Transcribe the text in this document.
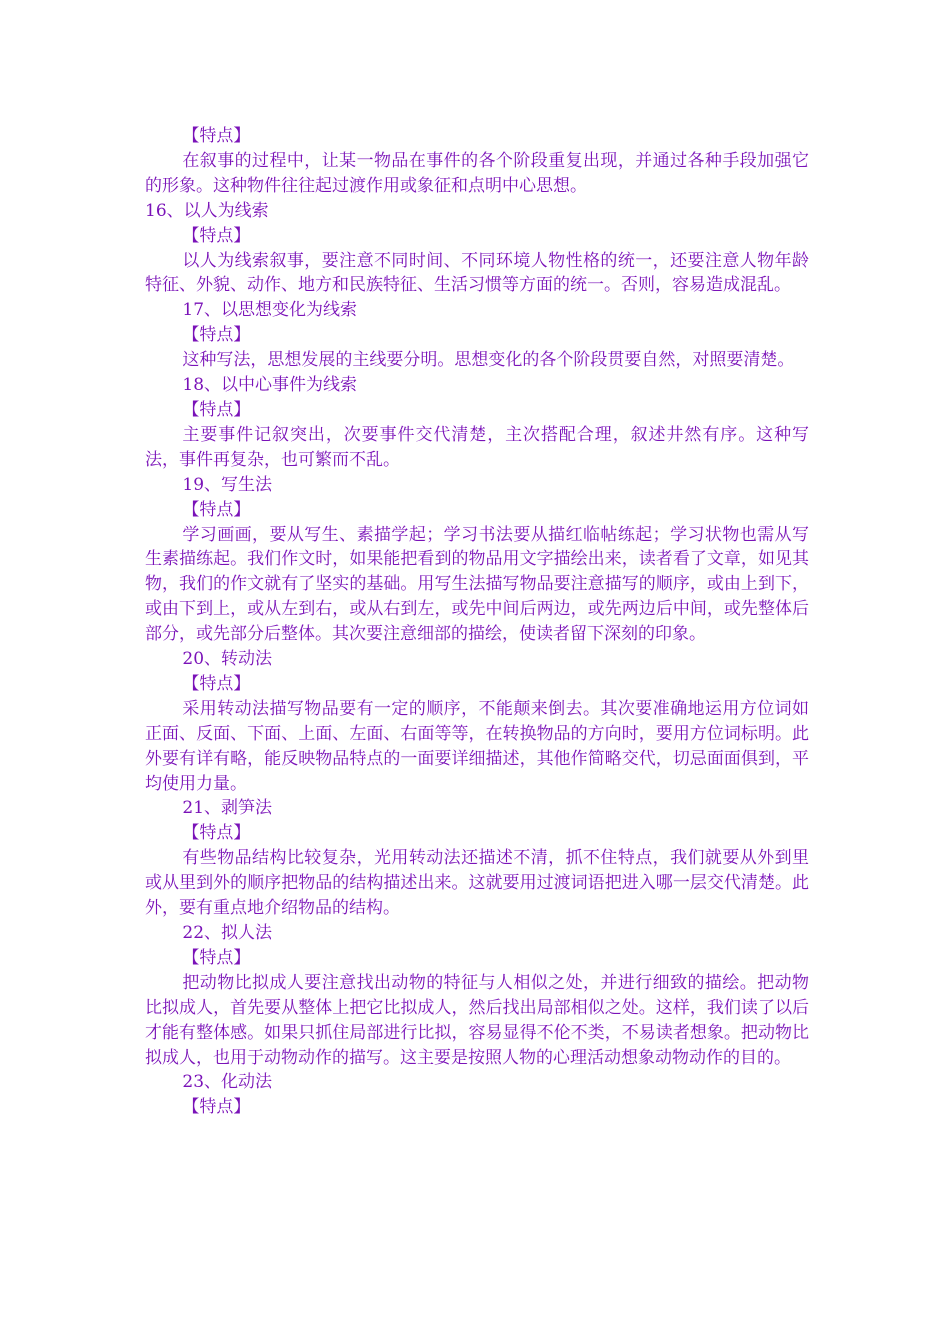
【特点】

在叙事的过程中，让某一物品在事件的各个阶段重复出现，并通过各种手段加强它的形象。这种物件往往起过渡作用或象征和点明中心思想。

16、以人为线索

【特点】

以人为线索叙事，要注意不同时间、不同环境人物性格的统一，还要注意人物年龄特征、外貌、动作、地方和民族特征、生活习惯等方面的统一。否则，容易造成混乱。

17、以思想变化为线索

【特点】

这种写法，思想发展的主线要分明。思想变化的各个阶段贯要自然，对照要清楚。

18、以中心事件为线索

【特点】

主要事件记叙突出，次要事件交代清楚，主次搭配合理，叙述井然有序。这种写法，事件再复杂，也可繁而不乱。

19、写生法

【特点】

学习画画，要从写生、素描学起；学习书法要从描红临帖练起；学习状物也需从写生素描练起。我们作文时，如果能把看到的物品用文字描绘出来，读者看了文章，如见其物，我们的作文就有了坚实的基础。用写生法描写物品要注意描写的顺序，或由上到下，或由下到上，或从左到右，或从右到左，或先中间后两边，或先两边后中间，或先整体后部分，或先部分后整体。其次要注意细部的描绘，使读者留下深刻的印象。

20、转动法

【特点】

采用转动法描写物品要有一定的顺序，不能颠来倒去。其次要准确地运用方位词如正面、反面、下面、上面、左面、右面等等，在转换物品的方向时，要用方位词标明。此外要有详有略，能反映物品特点的一面要详细描述，其他作简略交代，切忌面面俱到，平均使用力量。

21、剥笋法

【特点】

有些物品结构比较复杂，光用转动法还描述不清，抓不住特点，我们就要从外到里或从里到外的顺序把物品的结构描述出来。这就要用过渡词语把进入哪一层交代清楚。此外，要有重点地介绍物品的结构。

22、拟人法

【特点】

把动物比拟成人要注意找出动物的特征与人相似之处，并进行细致的描绘。把动物比拟成人，首先要从整体上把它比拟成人，然后找出局部相似之处。这样，我们读了以后才能有整体感。如果只抓住局部进行比拟，容易显得不伦不类，不易读者想象。把动物比拟成人，也用于动物动作的描写。这主要是按照人物的心理活动想象动物动作的目的。

23、化动法

【特点】
